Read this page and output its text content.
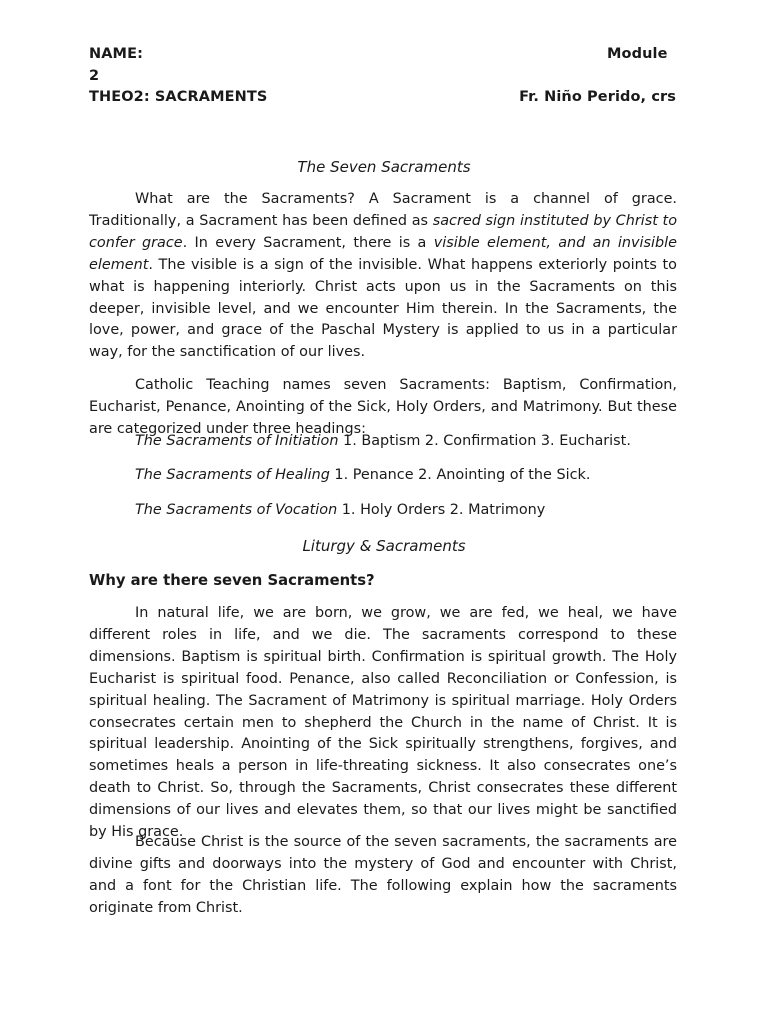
NAME:	Module
2
THEO2: SACRAMENTS	Fr. Niño Perido, crs
The Seven Sacraments

What are the Sacraments? A Sacrament is a channel of grace. Traditionally, a Sacrament has been defined as sacred sign instituted by Christ to confer grace. In every Sacrament, there is a visible element, and an invisible element. The visible is a sign of the invisible. What happens exteriorly points to what is happening interiorly. Christ acts upon us in the Sacraments on this deeper, invisible level, and we encounter Him therein. In the Sacraments, the love, power, and grace of the Paschal Mystery is applied to us in a particular way, for the sanctification of our lives.

Catholic Teaching names seven Sacraments: Baptism, Confirmation, Eucharist, Penance, Anointing of the Sick, Holy Orders, and Matrimony. But these are categorized under three headings:

The Sacraments of Initiation 1. Baptism 2. Confirmation 3. Eucharist.
The Sacraments of Healing 1. Penance 2. Anointing of the Sick.
The Sacraments of Vocation 1. Holy Orders 2. Matrimony
Liturgy & Sacraments
Why are there seven Sacraments?

In natural life, we are born, we grow, we are fed, we heal, we have different roles in life, and we die. The sacraments correspond to these dimensions. Baptism is spiritual birth. Confirmation is spiritual growth. The Holy Eucharist is spiritual food. Penance, also called Reconciliation or Confession, is spiritual healing. The Sacrament of Matrimony is spiritual marriage. Holy Orders consecrates certain men to shepherd the Church in the name of Christ. It is spiritual leadership. Anointing of the Sick spiritually strengthens, forgives, and sometimes heals a person in life-threating sickness. It also consecrates one’s death to Christ. So, through the Sacraments, Christ consecrates these different dimensions of our lives and elevates them, so that our lives might be sanctified by His grace.

Because Christ is the source of the seven sacraments, the sacraments are divine gifts and doorways into the mystery of God and encounter with Christ, and a font for the Christian life. The following explain how the sacraments originate from Christ.
